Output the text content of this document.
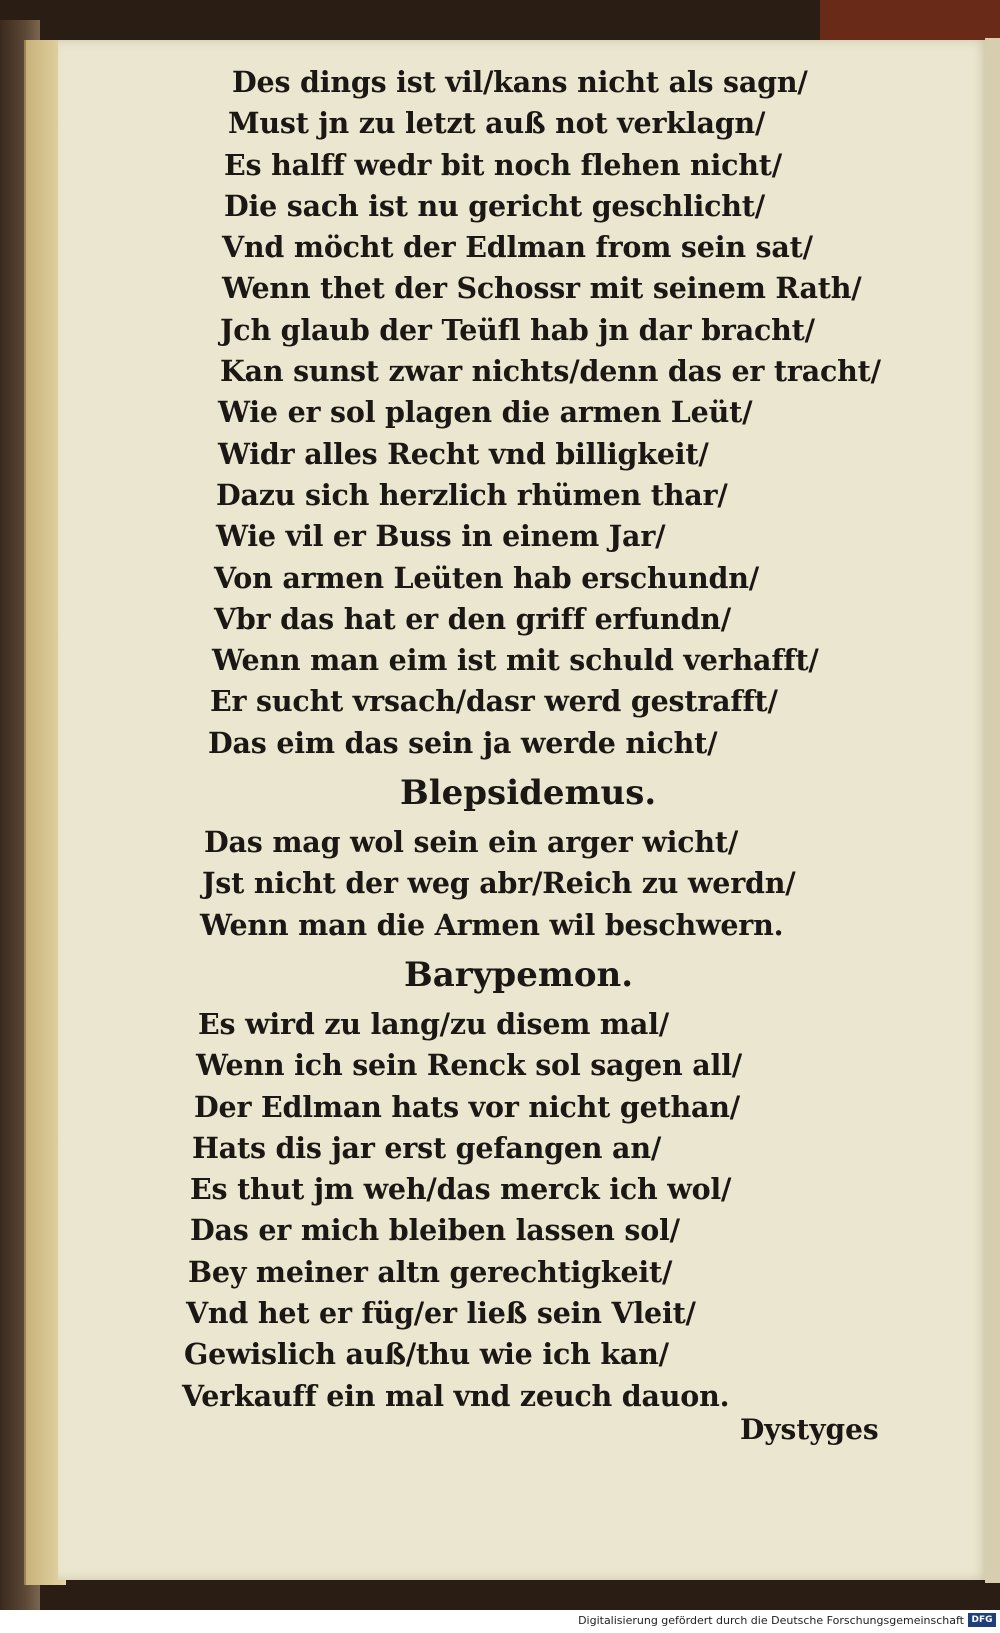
Des dings ist vil/kans nicht als sagn/
Must jn zu letzt auß not verklagn/
Es halff wedr bit noch flehen nicht/
Die sach ist nu gericht geschlicht/
Vnd möcht der Edlman from sein sat/
Wenn thet der Schossr mit seinem Rath/
Jch glaub der Teüfl hab jn dar bracht/
Kan sunst zwar nichts/denn das er tracht/
Wie er sol plagen die armen Leüt/
Widr alles Recht vnd billigkeit/
Dazu sich herzlich rhümen thar/
Wie vil er Buss in einem Jar/
Von armen Leüten hab erschundn/
Vbr das hat er den griff erfundn/
Wenn man eim ist mit schuld verhafft/
Er sucht vrsach/dasr werd gestrafft/
Das eim das sein ja werde nicht/
Blepsidemus.
Das mag wol sein ein arger wicht/
Jst nicht der weg abr/Reich zu werdn/
Wenn man die Armen wil beschwern.
Barypemon.
Es wird zu lang/zu disem mal/
Wenn ich sein Renck sol sagen all/
Der Edlman hats vor nicht gethan/
Hats dis jar erst gefangen an/
Es thut jm weh/das merck ich wol/
Das er mich bleiben lassen sol/
Bey meiner altn gerechtigkeit/
Vnd het er füg/er ließ sein Vleit/
Gewislich auß/thu wie ich kan/
Verkauff ein mal vnd zeuch dauon.
Dystyges
Digitalisierung gefördert durch die Deutsche Forschungsgemeinschaft DFG
